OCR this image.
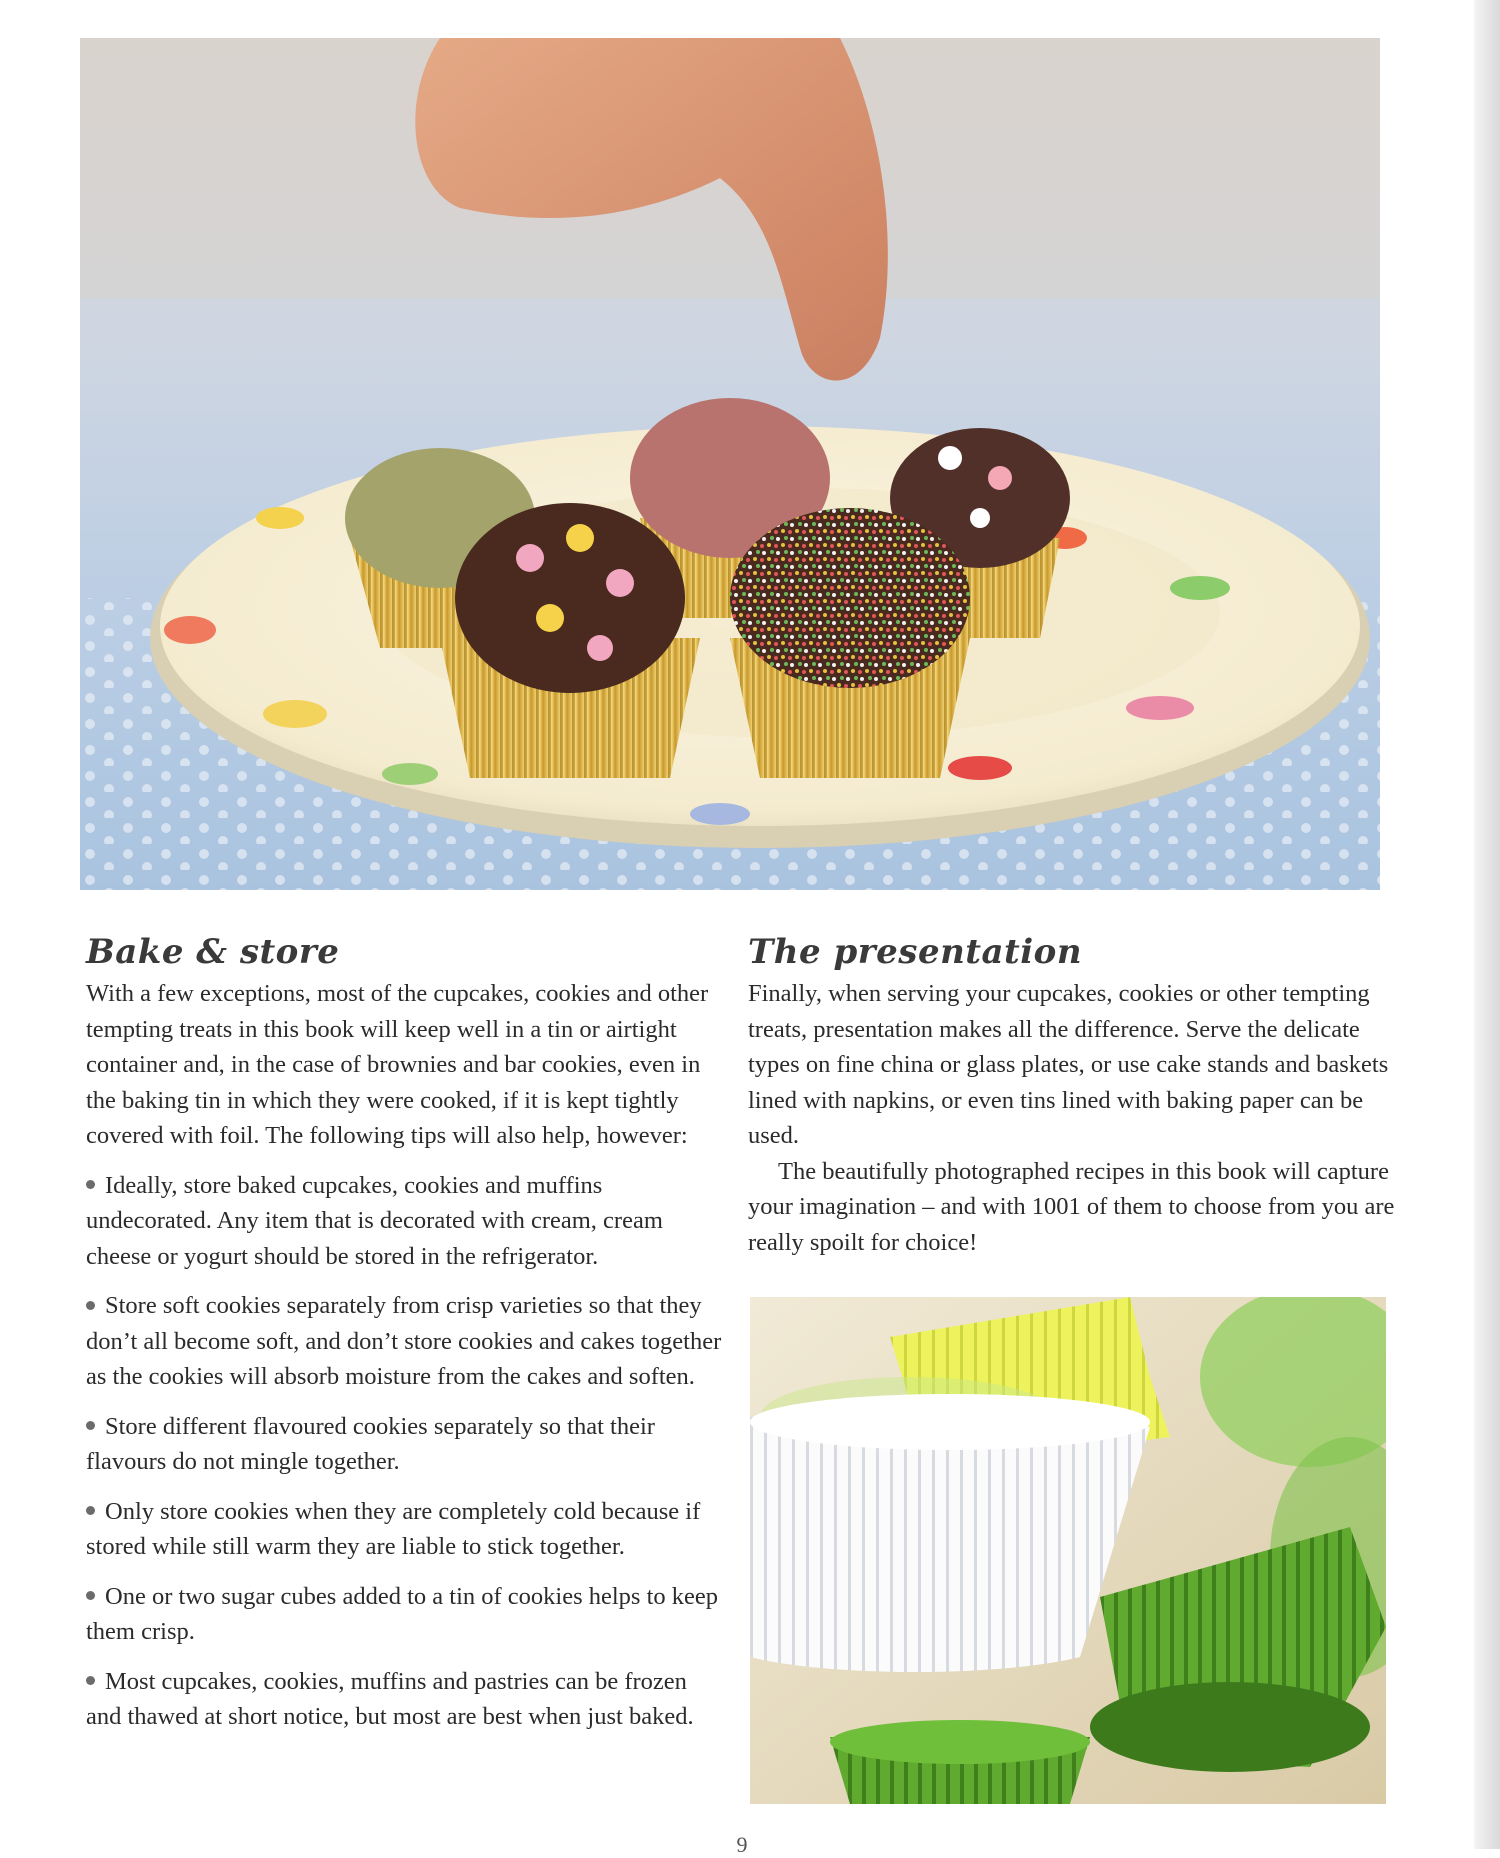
Bake & store

With a few exceptions, most of the cupcakes, cookies and other tempting treats in this book will keep well in a tin or airtight container and, in the case of brownies and bar cookies, even in the baking tin in which they were cooked, if it is kept tightly covered with foil. The following tips will also help, however:

Ideally, store baked cupcakes, cookies and muffins undecorated. Any item that is decorated with cream, cream cheese or yogurt should be stored in the refrigerator.
Store soft cookies separately from crisp varieties so that they don’t all become soft, and don’t store cookies and cakes together as the cookies will absorb moisture from the cakes and soften.
Store different flavoured cookies separately so that their flavours do not mingle together.
Only store cookies when they are completely cold because if stored while still warm they are liable to stick together.
One or two sugar cubes added to a tin of cookies helps to keep them crisp.
Most cupcakes, cookies, muffins and pastries can be frozen and thawed at short notice, but most are best when just baked.
The presentation

Finally, when serving your cupcakes, cookies or other tempting treats, presentation makes all the difference. Serve the delicate types on fine china or glass plates, or use cake stands and baskets lined with napkins, or even tins lined with baking paper can be used.

The beautifully photographed recipes in this book will capture your imagination – and with 1001 of them to choose from you are really spoilt for choice!

9
